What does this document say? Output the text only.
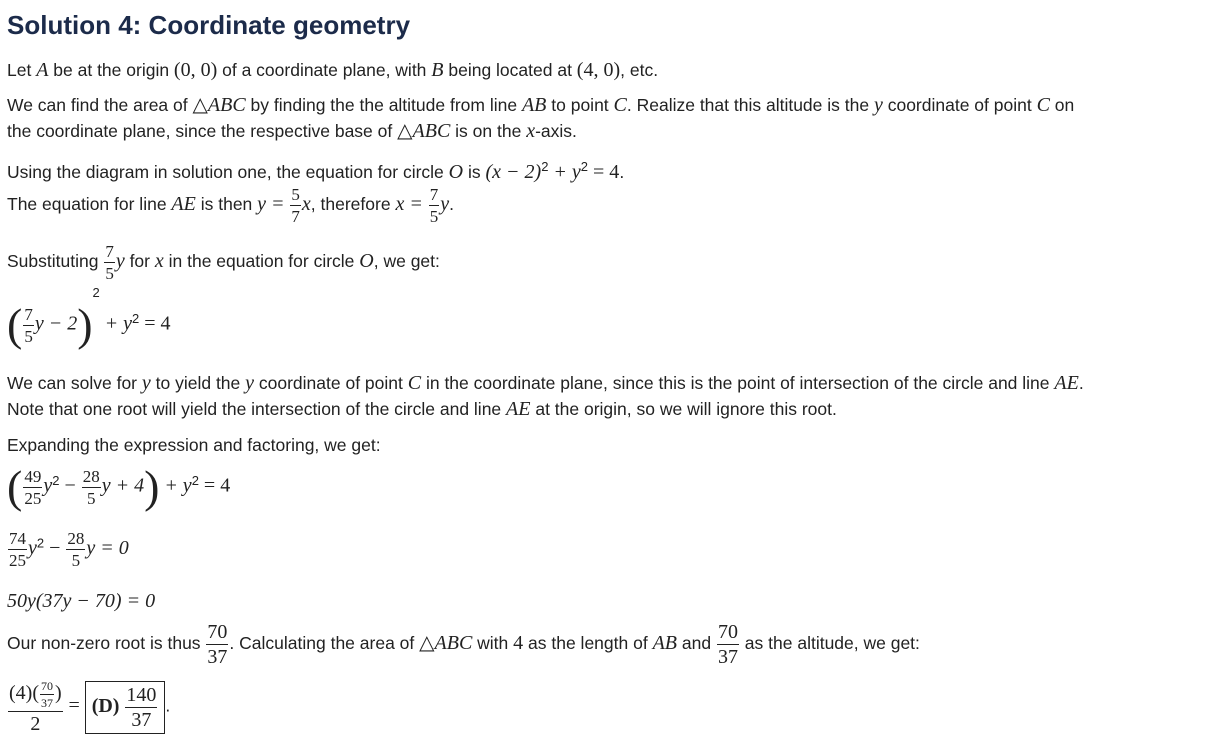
Solution 4: Coordinate geometry
Let A be at the origin (0, 0) of a coordinate plane, with B being located at (4, 0), etc.
We can find the area of △ABC by finding the the altitude from line AB to point C. Realize that this altitude is the y coordinate of point C on
the coordinate plane, since the respective base of △ABC is on the x-axis.
Using the diagram in solution one, the equation for circle O is $(x - 2)^2 + y^2 = 4$.
The equation for line AE is then $y = \frac{5}{7} x$, therefore $x = \frac{7}{5} y$.
Substituting $\frac{7}{5}$ y for x in the equation for circle O, we get:
( $\frac{7}{5}$ $y - 2)^2 + y^2 = 4$
We can solve for y to yield the y coordinate of point C in the coordinate plane, since this is the point of intersection of the circle and line AE.
Note that one root will yield the intersection of the circle and line AE at the origin, so we will ignore this root.
Expanding the expression and factoring, we get:
( $\frac{49}{25} y^2 - \frac{28}{5}$ $y + 4) + y^2 = 4$
$\frac{74}{25} y^2 - \frac{28}{5}$ y = 0
50y(37y − 70) = 0
Our non-zero root is thus $\frac{70}{37}$ . Calculating the area of △ABC with 4 as the length of AB and $\frac{70}{37}$ as the altitude, we get:
$\frac{(4)( \frac{70}{37} )}{2} = (D) \frac{140}{37}$ .
